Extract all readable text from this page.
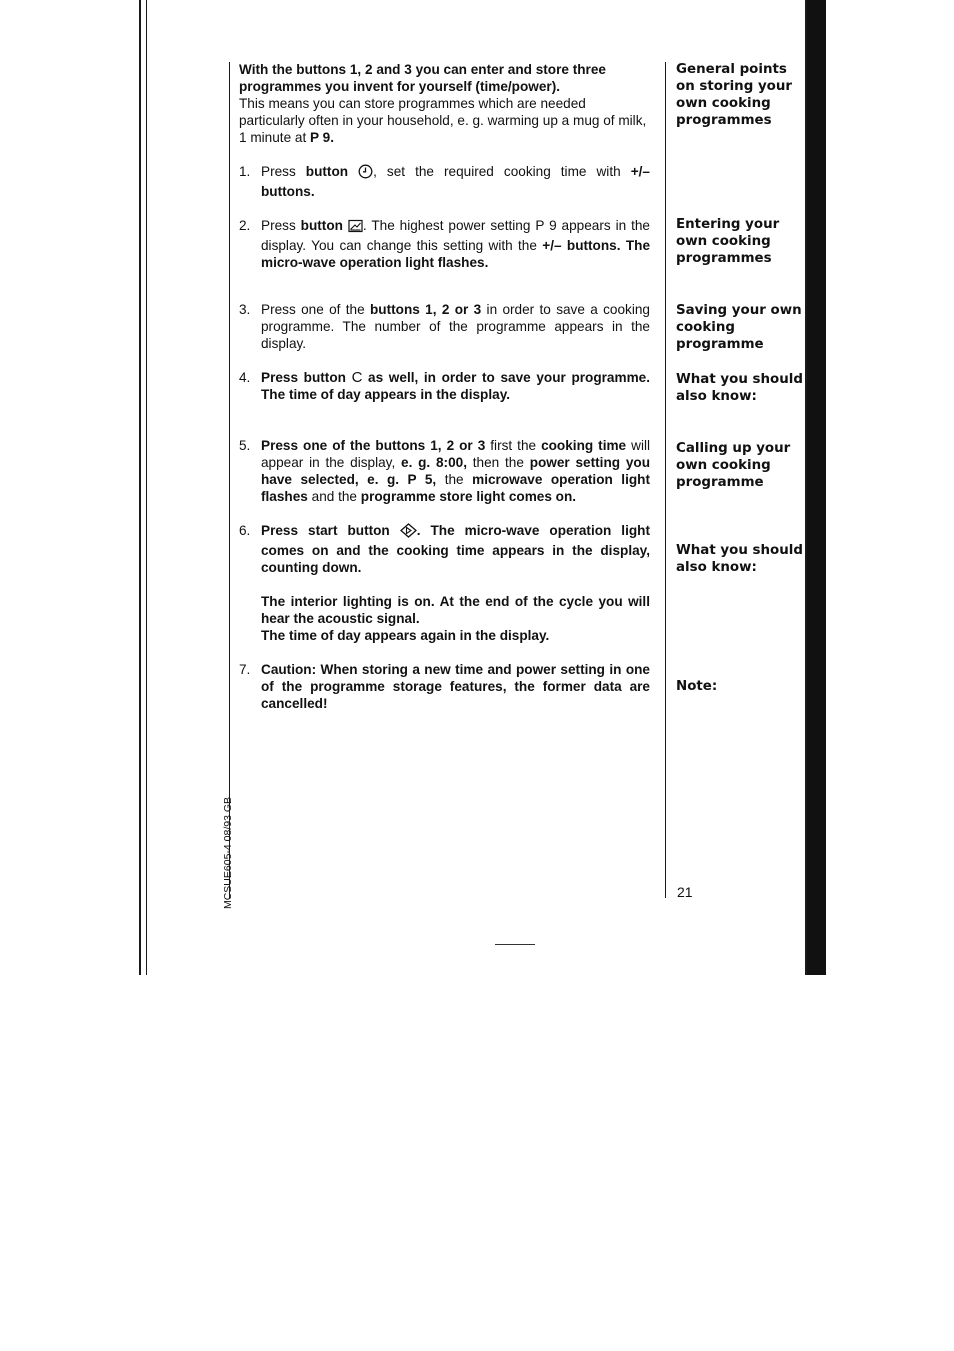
With the buttons 1, 2 and 3 you can enter and store three programmes you invent for yourself (time/power).

This means you can store programmes which are needed particularly often in your household, e. g. warming up a mug of milk, 1 minute at P 9.

1. Press button , set the required cooking time with +/– buttons.
2. Press button . The highest power setting P 9 appears in the display. You can change this setting with the +/– buttons. The micro-wave operation light flashes.
3. Press one of the buttons 1, 2 or 3 in order to save a cooking programme. The number of the programme appears in the display.
4. Press button C as well, in order to save your programme. The time of day appears in the display.
5. Press one of the buttons 1, 2 or 3 first the cooking time will appear in the display, e. g. 8:00, then the power setting you have selected, e. g. P 5, the microwave operation light flashes and the programme store light comes on.
6. Press start button . The micro-wave operation light comes on and the cooking time appears in the display, counting down.

The interior lighting is on. At the end of the cycle you will hear the acoustic signal.

The time of day appears again in the display.

7. Caution: When storing a new time and power setting in one of the programme storage features, the former data are cancelled!

General points on storing your own cooking programmes

Entering your own cooking programmes

Saving your own cooking programme

What you should also know:

Calling up your own cooking programme

What you should also know:

Note:

21
MCSUE605-4 08/93 GB
